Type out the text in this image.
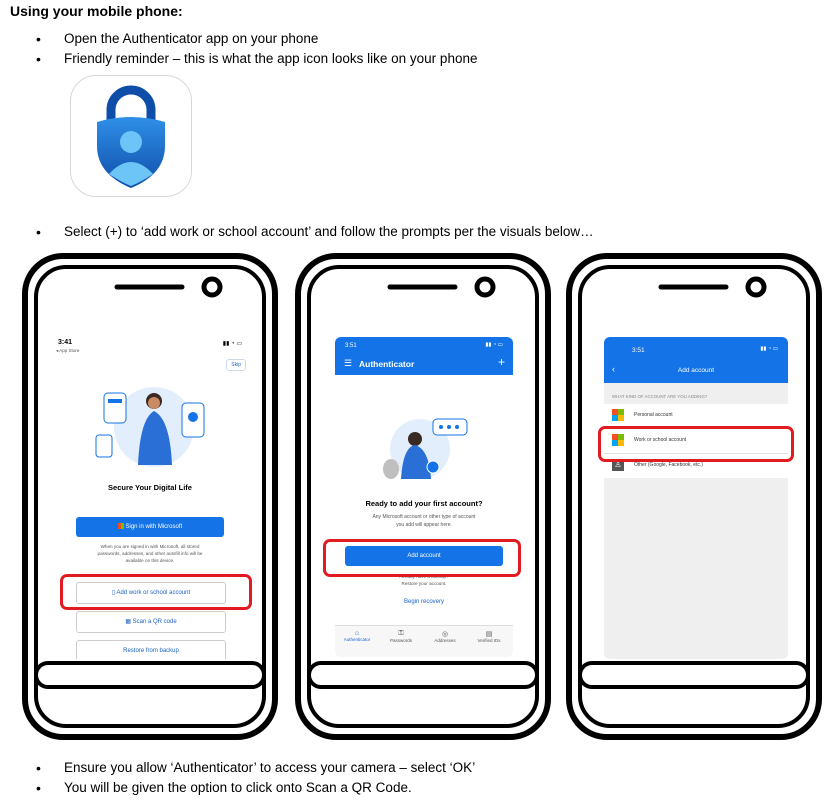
Using your mobile phone:
• Open the Authenticator app on your phone
• Friendly reminder – this is what the app icon looks like on your phone
• Select (+) to ‘add work or school account’ and follow the prompts per the visuals below…
3:41
◂ App Store
▮▮ ◔ ▭
Skip
Secure Your Digital Life
Sign in with Microsoft
When you are signed in with Microsoft, all stored
passwords, addresses, and other autofill info will be
available on this device.
▯ Add work or school account
▦ Scan a QR code
Restore from backup
3:51	▮▮ ◔ ▭
☰ Authenticator	+
Ready to add your first account?
Any Microsoft account or other type of account
you add will appear here.
Add account
Already have a backup?
Restore your account.
Begin recovery
⌂
Authenticator
⚿
Passwords
◎
Addresses
▤
Verified IDs
3:51	▮▮ ◔ ▭
‹	Add account
WHAT KIND OF ACCOUNT ARE YOU ADDING?
Personal account
Work or school account
♙	Other (Google, Facebook, etc.)
• Ensure you allow ‘Authenticator’ to access your camera – select ‘OK’
• You will be given the option to click onto Scan a QR Code.
